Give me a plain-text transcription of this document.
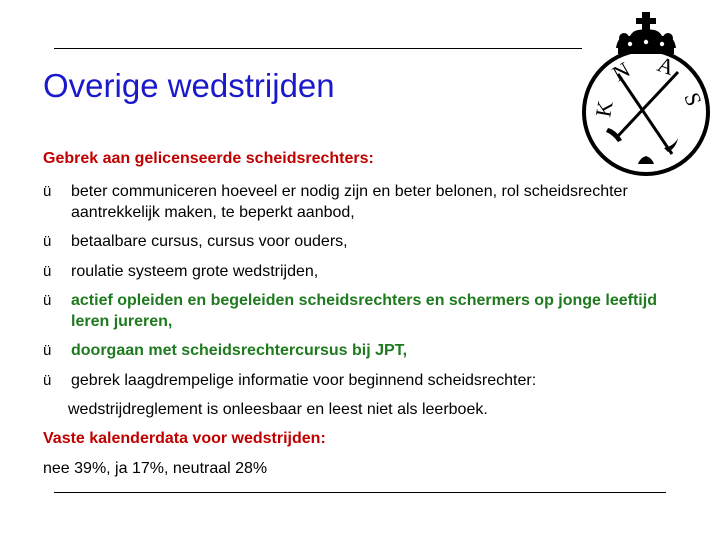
Overige wedstrijden
K
N A
S
Gebrek aan gelicenseerde scheidsrechters:
ü	beter communiceren hoeveel er nodig zijn en beter belonen, rol scheidsrechter aantrekkelijk maken, te beperkt aanbod,
ü	betaalbare cursus, cursus voor ouders,
ü	roulatie systeem grote wedstrijden,
ü	actief opleiden en begeleiden scheidsrechters en schermers op jonge leeftijd leren jureren,
ü	doorgaan met scheidsrechtercursus bij JPT,
ü	gebrek laagdrempelige informatie voor beginnend scheidsrechter:
wedstrijdreglement is onleesbaar en leest niet als leerboek.
Vaste kalenderdata voor wedstrijden:
nee 39%, ja 17%, neutraal 28%
